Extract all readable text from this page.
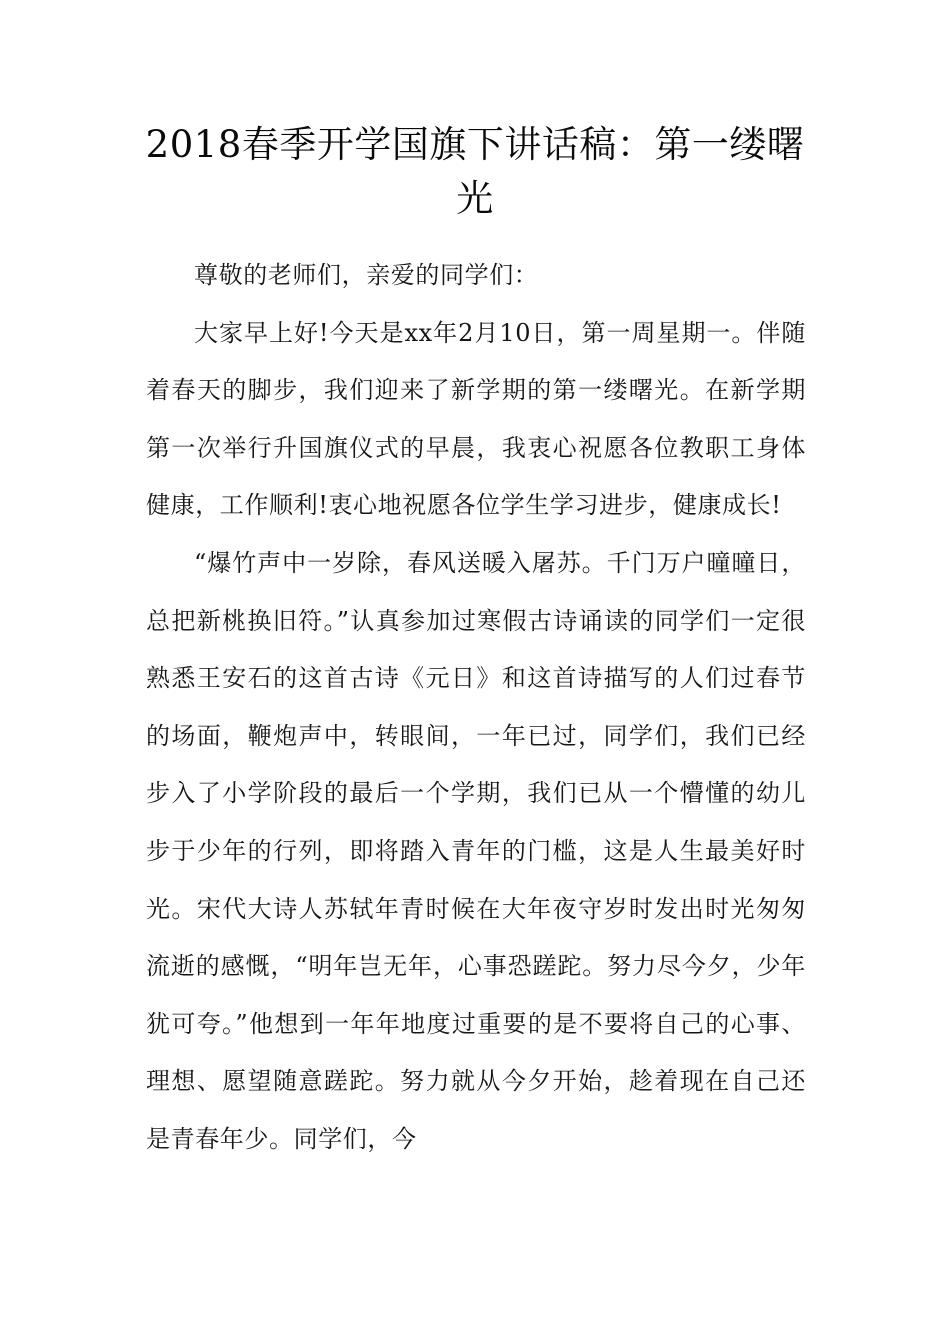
2018春季开学国旗下讲话稿：第一缕曙光

尊敬的老师们，亲爱的同学们：

大家早上好!今天是xx年2月10日，第一周星期一。伴随着春天的脚步，我们迎来了新学期的第一缕曙光。在新学期第一次举行升国旗仪式的早晨，我衷心祝愿各位教职工身体健康，工作顺利!衷心地祝愿各位学生学习进步，健康成长!

“爆竹声中一岁除，春风送暖入屠苏。千门万户曈曈日，总把新桃换旧符。”认真参加过寒假古诗诵读的同学们一定很熟悉王安石的这首古诗《元日》和这首诗描写的人们过春节的场面，鞭炮声中，转眼间，一年已过，同学们，我们已经步入了小学阶段的最后一个学期，我们已从一个懵懂的幼儿步于少年的行列，即将踏入青年的门槛，这是人生最美好时光。宋代大诗人苏轼年青时候在大年夜守岁时发出时光匆匆流逝的感慨，“明年岂无年，心事恐蹉跎。努力尽今夕，少年犹可夸。”他想到一年年地度过重要的是不要将自己的心事、理想、愿望随意蹉跎。努力就从今夕开始，趁着现在自己还是青春年少。同学们，今
